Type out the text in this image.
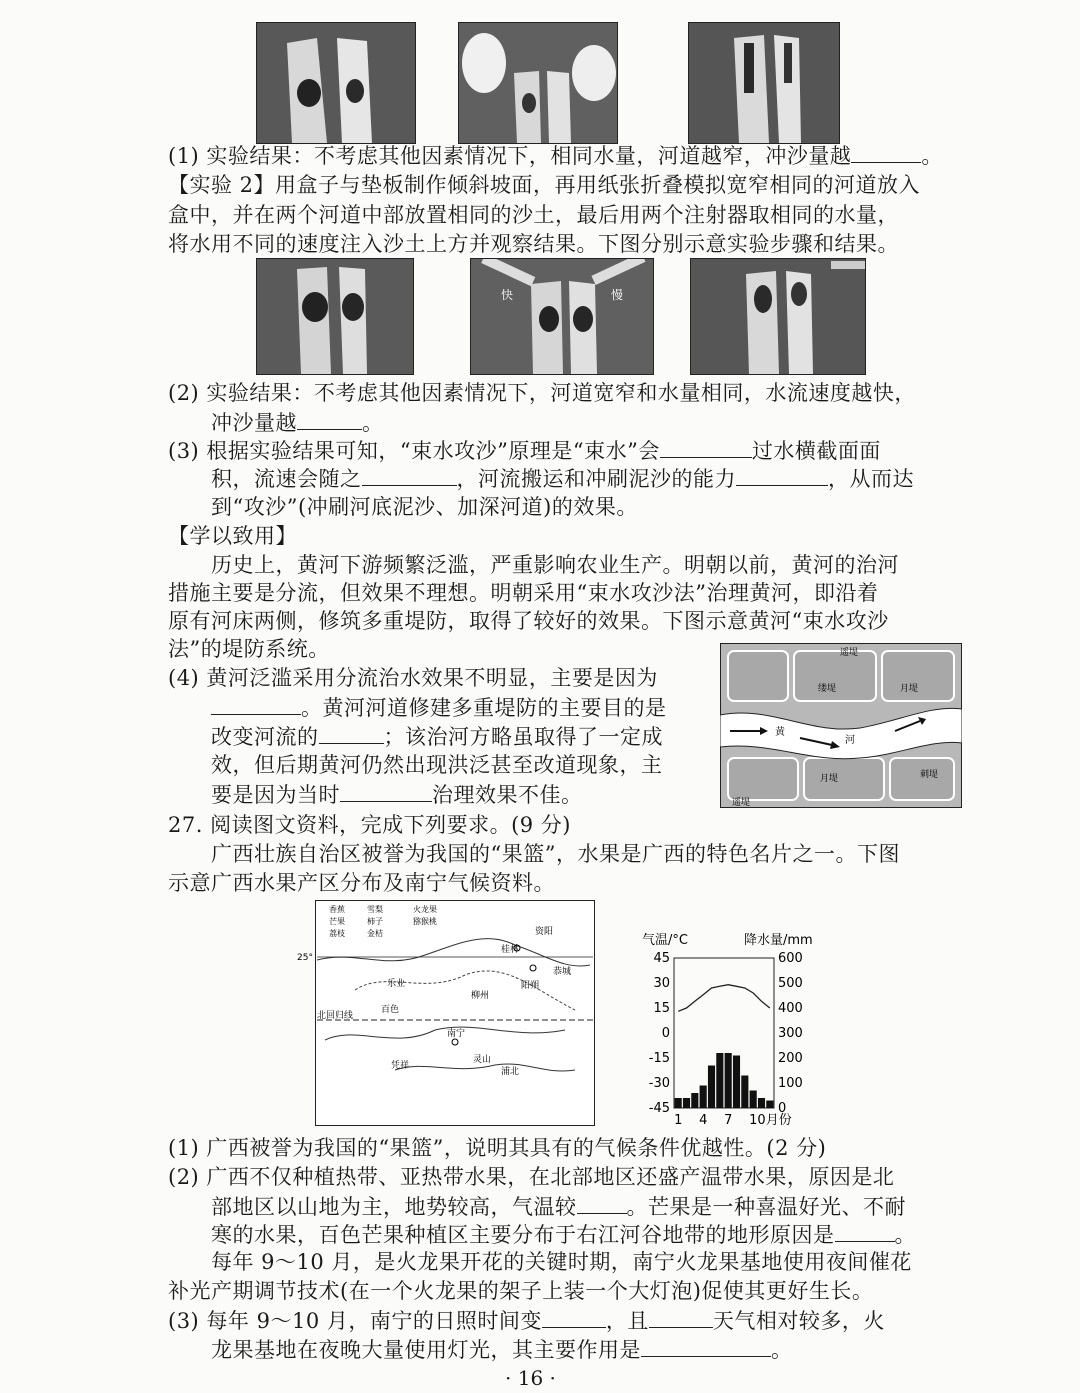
(1) 实验结果：不考虑其他因素情况下，相同水量，河道越窄，冲沙量越	。
【实验 2】用盒子与垫板制作倾斜坡面，再用纸张折叠模拟宽窄相同的河道放入
盒中，并在两个河道中部放置相同的沙土，最后用两个注射器取相同的水量，
将水用不同的速度注入沙土上方并观察结果。下图分别示意实验步骤和结果。
快	慢
(2) 实验结果：不考虑其他因素情况下，河道宽窄和水量相同，水流速度越快，
冲沙量越	。
(3) 根据实验结果可知，“束水攻沙”原理是“束水”会	过水横截面面
积，流速会随之	，河流搬运和冲刷泥沙的能力	，从而达
到“攻沙”(冲刷河底泥沙、加深河道)的效果。
【学以致用】
历史上，黄河下游频繁泛滥，严重影响农业生产。明朝以前，黄河的治河
措施主要是分流，但效果不理想。明朝采用“束水攻沙法”治理黄河，即沿着
原有河床两侧，修筑多重堤防，取得了较好的效果。下图示意黄河“束水攻沙
法”的堤防系统。
(4) 黄河泛滥采用分流治水效果不明显，主要是因为
。黄河河道修建多重堤防的主要目的是
改变河流的	；该治河方略虽取得了一定成
效，但后期黄河仍然出现洪泛甚至改道现象，主
要是因为当时	治理效果不佳。
遥堤
缕堤	月堤
黄
河
月堤	刺堤
遥堤
27. 阅读图文资料，完成下列要求。(9 分)
广西壮族自治区被誉为我国的“果篮”，水果是广西的特色名片之一。下图
示意广西水果产区分布及南宁气候资料。
25°
北回归线
香蕉	雪梨	火龙果
芒果	柿子	猕猴桃
荔枝	金桔
桂林
资阳
乐业
柳州
恭城
阳朔
百色
南宁
灵山
浦北
凭祥
气温/°C	降水量/mm
45
30
15
0
-15
-30
-45
600
500
400
300
200
100
0
1 4 7 10月份
(1) 广西被誉为我国的“果篮”，说明其具有的气候条件优越性。(2 分)
(2) 广西不仅种植热带、亚热带水果，在北部地区还盛产温带水果，原因是北
部地区以山地为主，地势较高，气温较 。芒果是一种喜温好光、不耐
寒的水果，百色芒果种植区主要分布于右江河谷地带的地形原因是	。
每年 9～10 月，是火龙果开花的关键时期，南宁火龙果基地使用夜间催花
补光产期调节技术(在一个火龙果的架子上装一个大灯泡)促使其更好生长。
(3) 每年 9～10 月，南宁的日照时间变	，且	天气相对较多，火
龙果基地在夜晚大量使用灯光，其主要作用是	。
· 16 ·
